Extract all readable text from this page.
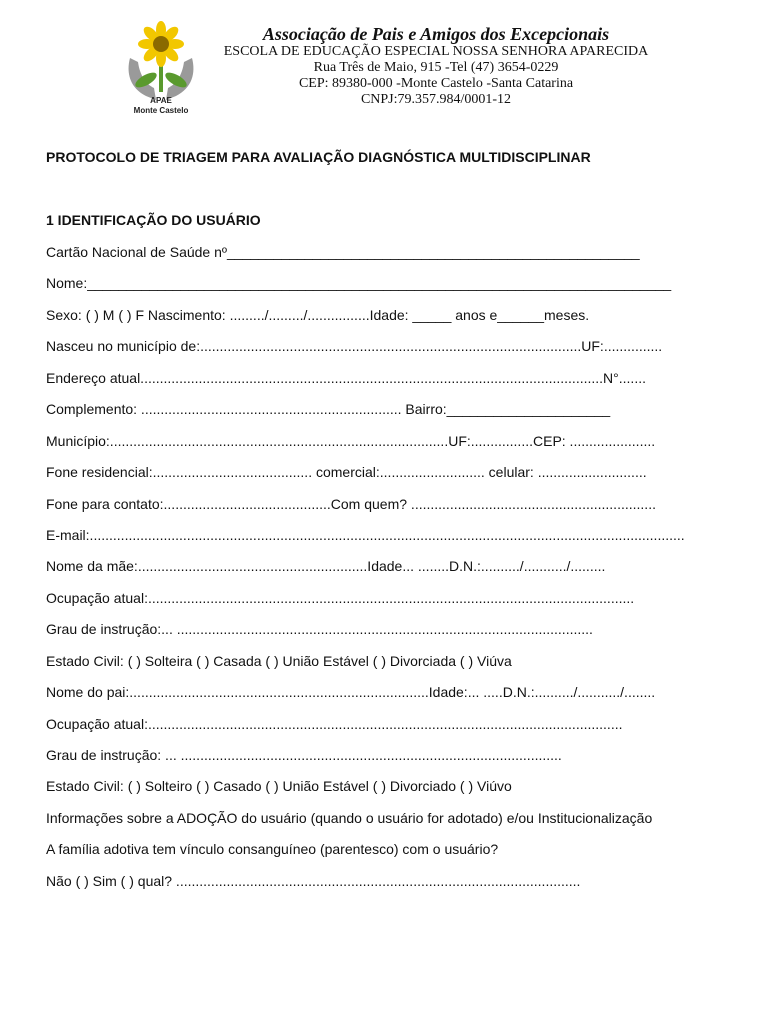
APAE
Monte Castelo
Associação de Pais e Amigos dos Excepcionais
ESCOLA DE EDUCAÇÃO ESPECIAL NOSSA SENHORA APARECIDA
Rua Três de Maio, 915 -Tel (47) 3654-0229
CEP: 89380-000 -Monte Castelo -Santa Catarina
CNPJ:79.357.984/0001-12
PROTOCOLO DE TRIAGEM PARA AVALIAÇÃO DIAGNÓSTICA MULTIDISCIPLINAR
1 IDENTIFICAÇÃO DO USUÁRIO
Cartão Nacional de Saúde nº_____________________________________________________
Nome:___________________________________________________________________________
Sexo: ( ) M ( ) F Nascimento: ........./........./................Idade: _____ anos e______meses.
Nasceu no município de:..................................................................................................UF:...............
Endereço atual.......................................................................................................................N°.......
Complemento: ................................................................... Bairro:_____________________
Município:.......................................................................................UF:................CEP: ......................
Fone residencial:......................................... comercial:........................... celular: ............................
Fone para contato:...........................................Com quem? ...............................................................
E-mail:.........................................................................................................................................................
Nome da mãe:...........................................................Idade... ........D.N.:........../.........../.........
Ocupação atual:.............................................................................................................................
Grau de instrução:... ...........................................................................................................
Estado Civil: ( ) Solteira ( ) Casada ( ) União Estável ( ) Divorciada ( ) Viúva
Nome do pai:.............................................................................Idade:... .....D.N.:........../.........../........
Ocupação atual:..........................................................................................................................
Grau de instrução: ... ..................................................................................................
Estado Civil: ( ) Solteiro ( ) Casado ( ) União Estável ( ) Divorciado ( ) Viúvo
Informações sobre a ADOÇÃO do usuário (quando o usuário for adotado) e/ou Institucionalização
A família adotiva tem vínculo consanguíneo (parentesco) com o usuário?
Não ( ) Sim ( ) qual? ........................................................................................................
